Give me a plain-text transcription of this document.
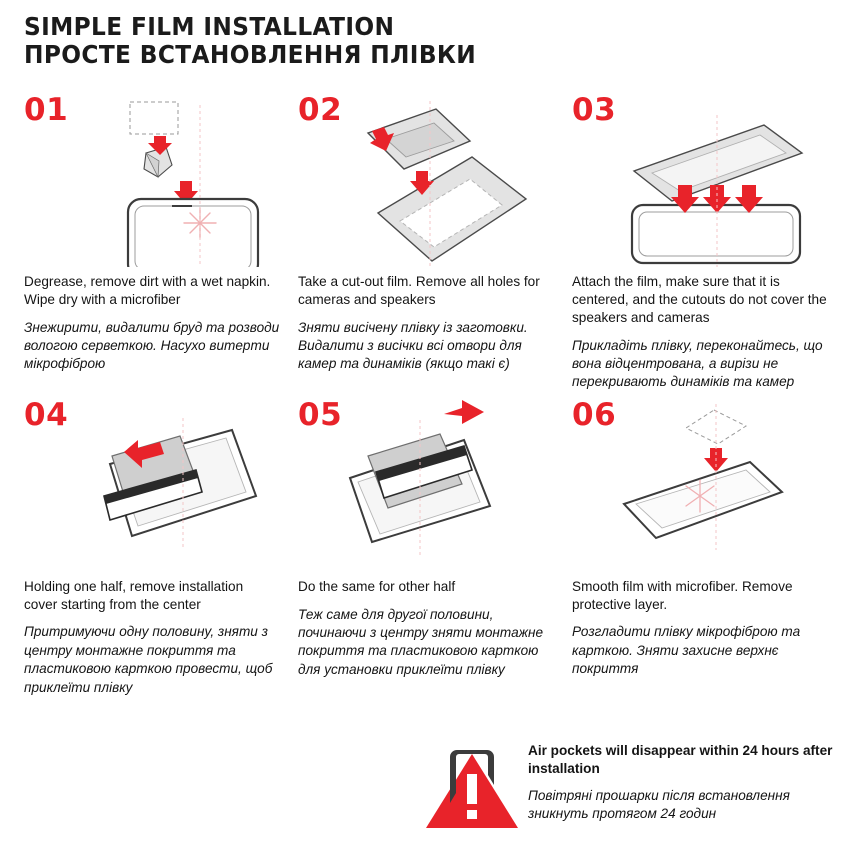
SIMPLE FILM INSTALLATION
ПРОСТЕ ВСТАНОВЛЕННЯ ПЛІВКИ
01
Degrease, remove dirt with a wet napkin. Wipe dry with a microfiber
Знежирити, видалити бруд та розводи вологою серветкою. Насухо витерти мікрофіброю
02
Take a cut-out film. Remove all holes for cameras and speakers
Зняти висічену плівку із заготовки. Видалити з висічки всі отвори для камер та динаміків (якщо такі є)
03
Attach the film, make sure that it is centered, and the cutouts do not cover the speakers and cameras
Прикладіть плівку, переконайтесь, що вона відцентрована, а вирізи не перекривають динаміків та камер
04
Holding one half, remove installation cover starting from the center
Притримуючи одну половину, зняти з центру монтажне покриття та пластиковою карткою провести, щоб приклеїти плівку
05
Do the same for other half
Теж саме для другої половини, починаючи з центру зняти монтажне покриття та пластиковою карткою для установки приклеїти плівку
06
Smooth film with microfiber. Remove protective layer.
Розгладити плівку мікрофіброю та карткою. Зняти захисне верхнє покриття
Air pockets will disappear within 24 hours after installation
Повітряні прошарки після встановлення зникнуть протягом 24 годин
